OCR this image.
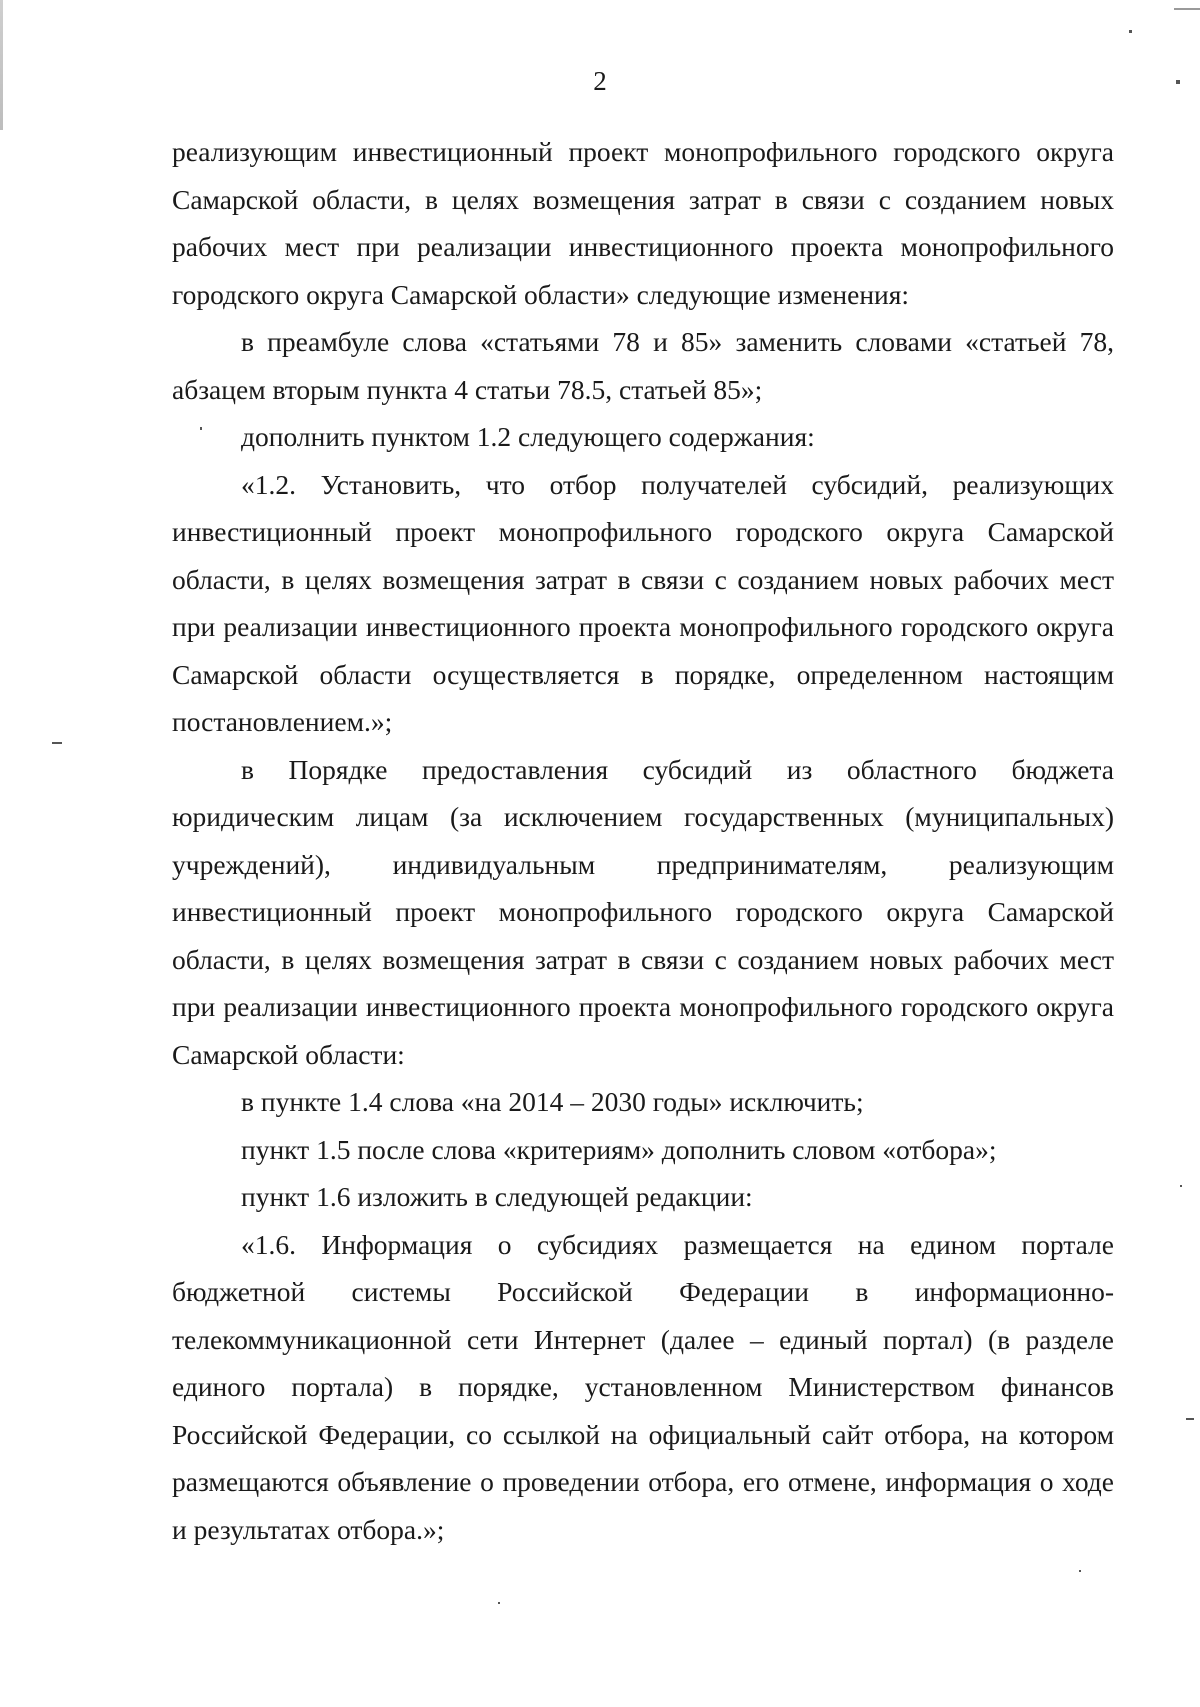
2

реализующим инвестиционный проект монопрофильного городского округа Самарской области, в целях возмещения затрат в связи с созданием новых рабочих мест при реализации инвестиционного проекта монопрофильного городского округа Самарской области» следующие изменения:

в преамбуле слова «статьями 78 и 85» заменить словами «статьей 78, абзацем вторым пункта 4 статьи 78.5, статьей 85»;

дополнить пунктом 1.2 следующего содержания:

«1.2. Установить, что отбор получателей субсидий, реализующих инвестиционный проект монопрофильного городского округа Самарской области, в целях возмещения затрат в связи с созданием новых рабочих мест при реализации инвестиционного проекта монопрофильного городского округа Самарской области осуществляется в порядке, определенном настоящим постановлением.»;

в Порядке предоставления субсидий из областного бюджета юридическим лицам (за исключением государственных (муниципальных) учреждений), индивидуальным предпринимателям, реализующим инвестиционный проект монопрофильного городского округа Самарской области, в целях возмещения затрат в связи с созданием новых рабочих мест при реализации инвестиционного проекта монопрофильного городского округа Самарской области:

в пункте 1.4 слова «на 2014 – 2030 годы» исключить;

пункт 1.5 после слова «критериям» дополнить словом «отбора»;

пункт 1.6 изложить в следующей редакции:

«1.6. Информация о субсидиях размещается на едином портале бюджетной системы Российской Федерации в информационно-телекоммуникационной сети Интернет (далее – единый портал) (в разделе единого портала) в порядке, установленном Министерством финансов Российской Федерации, со ссылкой на официальный сайт отбора, на котором размещаются объявление о проведении отбора, его отмене, информация о ходе и результатах отбора.»;
